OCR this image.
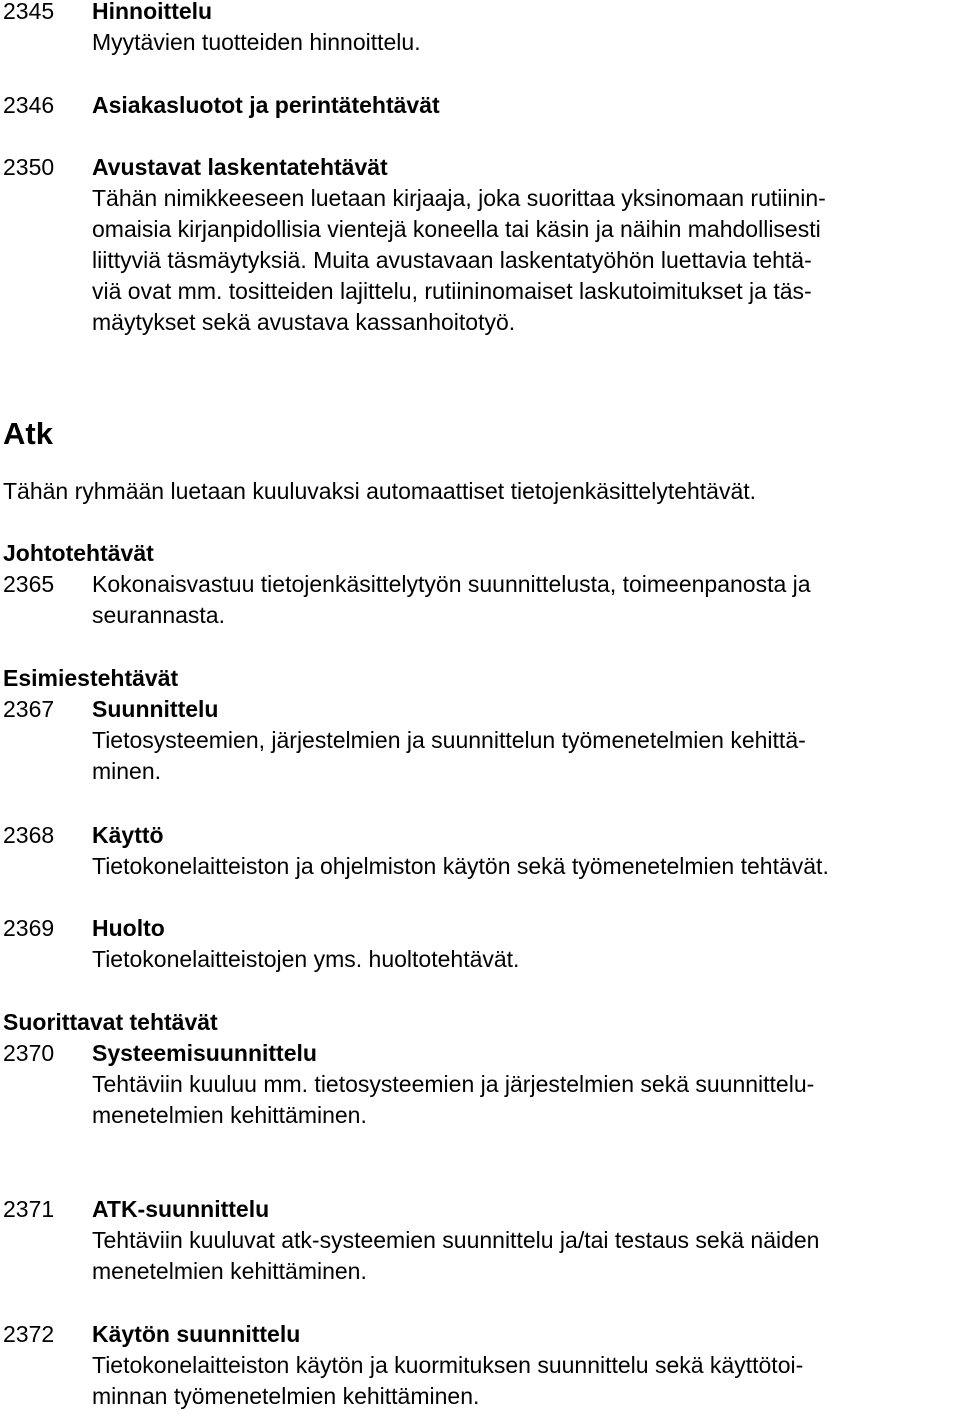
2345 Hinnoittelu
Myytävien tuotteiden hinnoittelu.
2346 Asiakasluotot ja perintätehtävät
2350 Avustavat laskentatehtävät
Tähän nimikkeeseen luetaan kirjaaja, joka suorittaa yksinomaan rutiinin-
omaisia kirjanpidollisia vientejä koneella tai käsin ja näihin mahdollisesti
liittyviä täsmäytyksiä. Muita avustavaan laskentatyöhön luettavia tehtä-
viä ovat mm. tositteiden lajittelu, rutiininomaiset laskutoimitukset ja täs-
mäytykset sekä avustava kassanhoitotyö.
Atk
Tähän ryhmään luetaan kuuluvaksi automaattiset tietojenkäsittelytehtävät.
Johtotehtävät
2365 Kokonaisvastuu tietojenkäsittelytyön suunnittelusta, toimeenpanosta ja
seurannasta.
Esimiestehtävät
2367 Suunnittelu
Tietosysteemien, järjestelmien ja suunnittelun työmenetelmien kehittä-
minen.
2368 Käyttö
Tietokonelaitteiston ja ohjelmiston käytön sekä työmenetelmien tehtävät.
2369 Huolto
Tietokonelaitteistojen yms. huoltotehtävät.
Suorittavat tehtävät
2370 Systeemisuunnittelu
Tehtäviin kuuluu mm. tietosysteemien ja järjestelmien sekä suunnittelu-
menetelmien kehittäminen.
2371 ATK-suunnittelu
Tehtäviin kuuluvat atk-systeemien suunnittelu ja/tai testaus sekä näiden
menetelmien kehittäminen.
2372 Käytön suunnittelu
Tietokonelaitteiston käytön ja kuormituksen suunnittelu sekä käyttötoi-
minnan työmenetelmien kehittäminen.
